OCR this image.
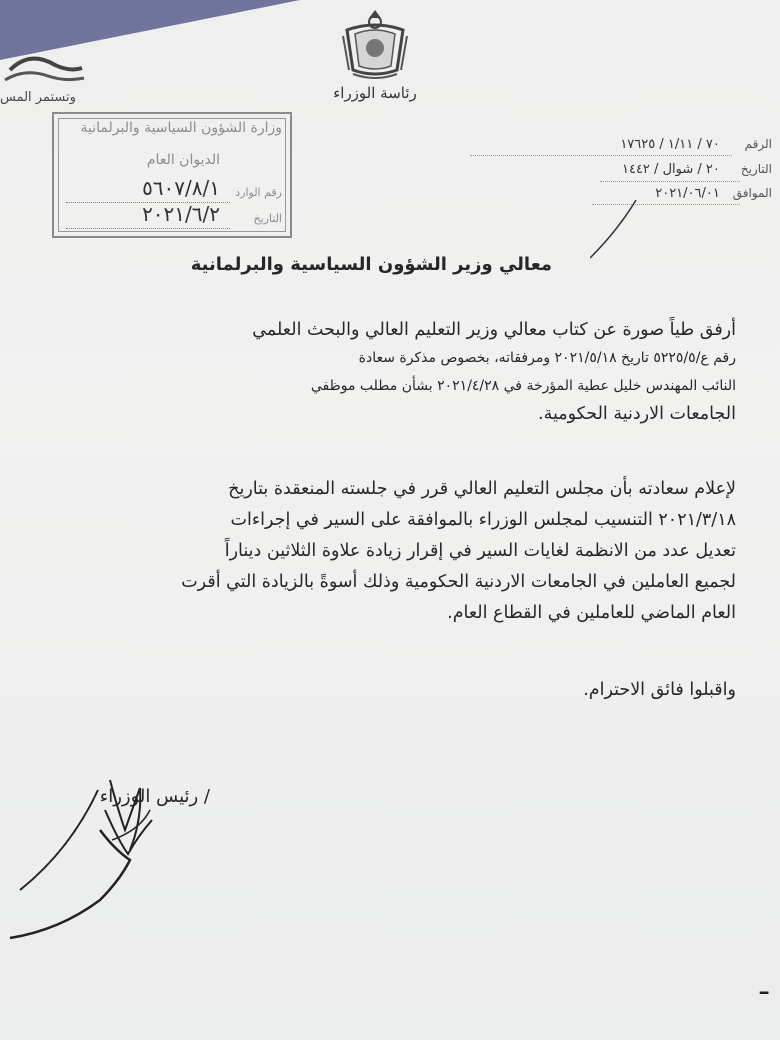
وتستمر المس	رئاسة الوزراء
وزارة الشؤون السياسية والبرلمانية
الديوان العام
رقم الوارد
٥٦٠٧/٨/١
التاريخ
٢٠٢١/٦/٢
الرقم ٧٠ / ١/١١ / ١٧٦٢٥
التاريخ ٢٠ / شوال / ١٤٤٢
الموافق ٢٠٢١/٠٦/٠١
معالي وزير الشؤون السياسية والبرلمانية
أرفق طياً صورة عن كتاب معالي وزير التعليم العالي والبحث العلمي
رقم ع/٥٢٢٥/٥ تاريخ ٢٠٢١/٥/١٨ ومرفقاته، بخصوص مذكرة سعادة
النائب المهندس خليل عطية المؤرخة في ٢٠٢١/٤/٢٨ بشأن مطلب موظفي
الجامعات الاردنية الحكومية.
لإعلام سعادته بأن مجلس التعليم العالي قرر في جلسته المنعقدة بتاريخ
٢٠٢١/٣/١٨ التنسيب لمجلس الوزراء بالموافقة على السير في إجراءات
تعديل عدد من الانظمة لغايات السير في إقرار زيادة علاوة الثلاثين ديناراً
لجميع العاملين في الجامعات الاردنية الحكومية وذلك أسوةً بالزيادة التي أقرت
العام الماضي للعاملين في القطاع العام.
واقبلوا فائق الاحترام.
/ رئيس الوزراء
ـ
